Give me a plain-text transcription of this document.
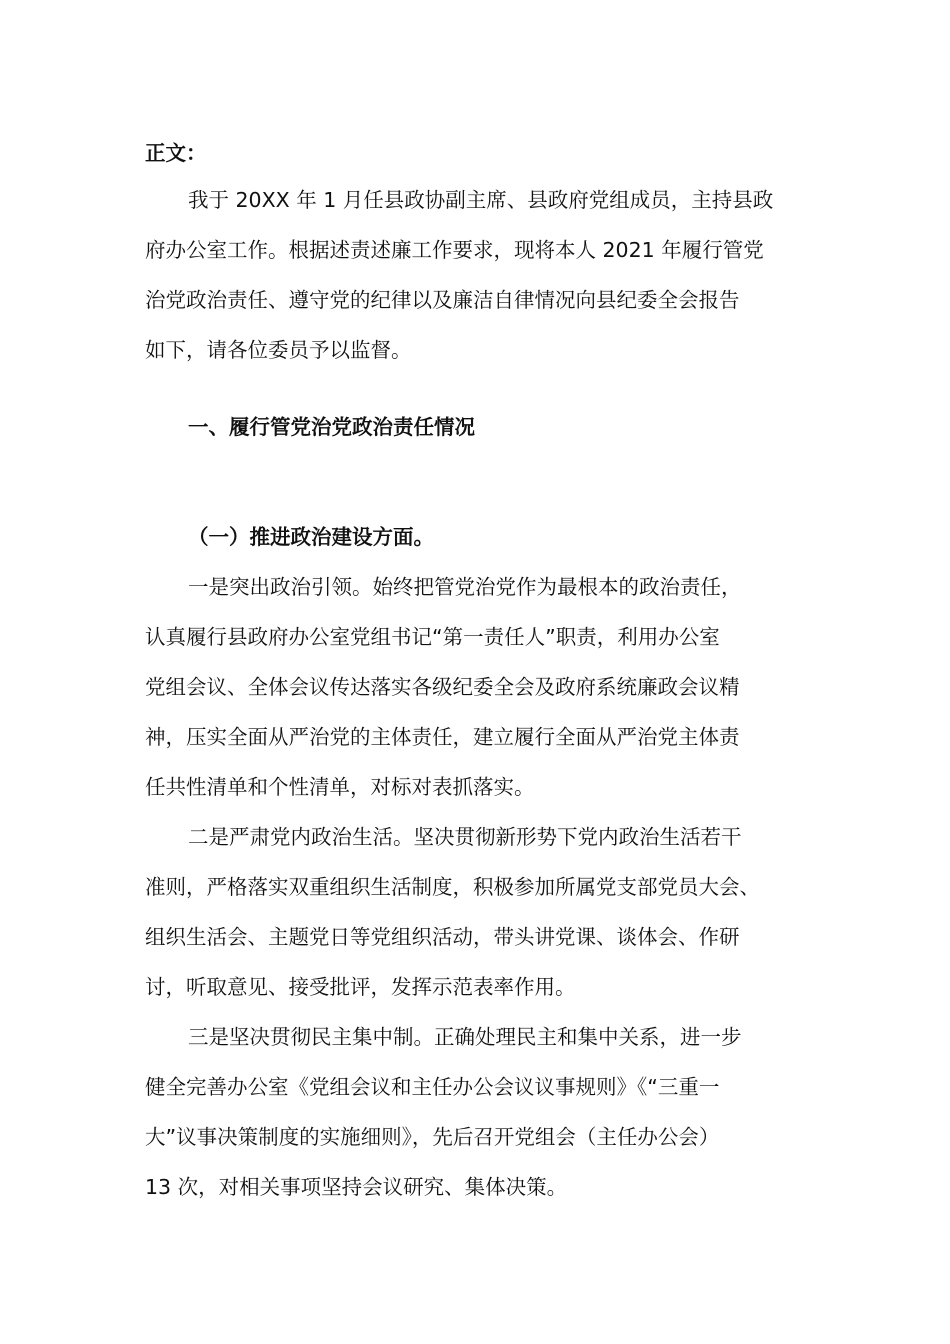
正文：
我于 20XX 年 1 月任县政协副主席、县政府党组成员，主持县政
府办公室工作。根据述责述廉工作要求，现将本人 2021 年履行管党
治党政治责任、遵守党的纪律以及廉洁自律情况向县纪委全会报告
如下，请各位委员予以监督。
一、履行管党治党政治责任情况
（一）推进政治建设方面。
一是突出政治引领。始终把管党治党作为最根本的政治责任，
认真履行县政府办公室党组书记“第一责任人”职责，利用办公室
党组会议、全体会议传达落实各级纪委全会及政府系统廉政会议精
神，压实全面从严治党的主体责任，建立履行全面从严治党主体责
任共性清单和个性清单，对标对表抓落实。
二是严肃党内政治生活。坚决贯彻新形势下党内政治生活若干
准则，严格落实双重组织生活制度，积极参加所属党支部党员大会、
组织生活会、主题党日等党组织活动，带头讲党课、谈体会、作研
讨，听取意见、接受批评，发挥示范表率作用。
三是坚决贯彻民主集中制。正确处理民主和集中关系，进一步
健全完善办公室《党组会议和主任办公会议议事规则》《“三重一
大”议事决策制度的实施细则》，先后召开党组会（主任办公会）
13 次，对相关事项坚持会议研究、集体决策。
